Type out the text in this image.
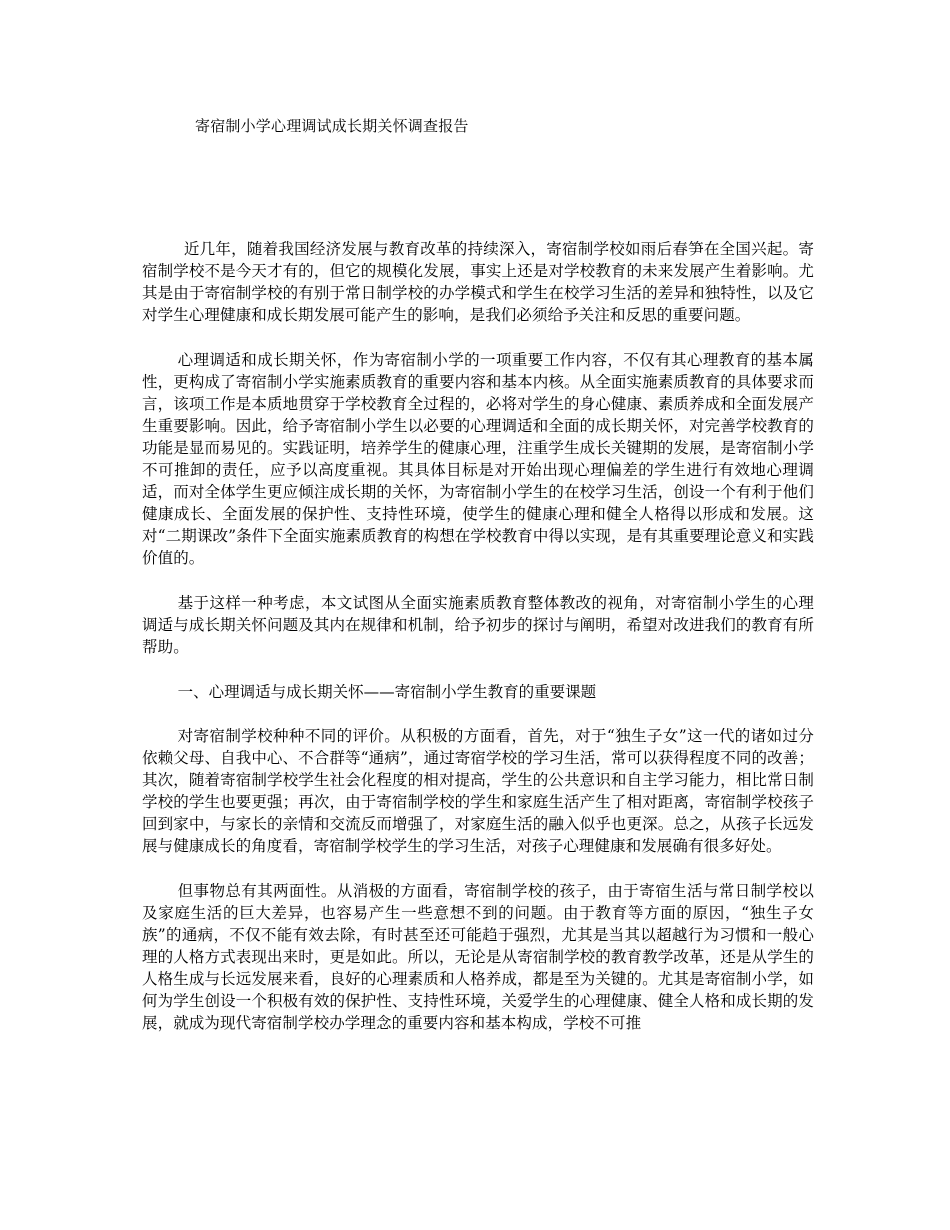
寄宿制小学心理调试成长期关怀调查报告

近几年，随着我国经济发展与教育改革的持续深入，寄宿制学校如雨后春笋在全国兴起。寄宿制学校不是今天才有的，但它的规模化发展，事实上还是对学校教育的未来发展产生着影响。尤其是由于寄宿制学校的有别于常日制学校的办学模式和学生在校学习生活的差异和独特性，以及它对学生心理健康和成长期发展可能产生的影响，是我们必须给予关注和反思的重要问题。

心理调适和成长期关怀，作为寄宿制小学的一项重要工作内容，不仅有其心理教育的基本属性，更构成了寄宿制小学实施素质教育的重要内容和基本内核。从全面实施素质教育的具体要求而言，该项工作是本质地贯穿于学校教育全过程的，必将对学生的身心健康、素质养成和全面发展产生重要影响。因此，给予寄宿制小学生以必要的心理调适和全面的成长期关怀，对完善学校教育的功能是显而易见的。实践证明，培养学生的健康心理，注重学生成长关键期的发展，是寄宿制小学不可推卸的责任，应予以高度重视。其具体目标是对开始出现心理偏差的学生进行有效地心理调适，而对全体学生更应倾注成长期的关怀，为寄宿制小学生的在校学习生活，创设一个有利于他们健康成长、全面发展的保护性、支持性环境，使学生的健康心理和健全人格得以形成和发展。这对“二期课改”条件下全面实施素质教育的构想在学校教育中得以实现，是有其重要理论意义和实践价值的。

基于这样一种考虑，本文试图从全面实施素质教育整体教改的视角，对寄宿制小学生的心理调适与成长期关怀问题及其内在规律和机制，给予初步的探讨与阐明，希望对改进我们的教育有所帮助。

一、心理调适与成长期关怀——寄宿制小学生教育的重要课题

对寄宿制学校种种不同的评价。从积极的方面看，首先，对于“独生子女”这一代的诸如过分依赖父母、自我中心、不合群等“通病”，通过寄宿学校的学习生活，常可以获得程度不同的改善；其次，随着寄宿制学校学生社会化程度的相对提高，学生的公共意识和自主学习能力，相比常日制学校的学生也要更强；再次，由于寄宿制学校的学生和家庭生活产生了相对距离，寄宿制学校孩子回到家中，与家长的亲情和交流反而增强了，对家庭生活的融入似乎也更深。总之，从孩子长远发展与健康成长的角度看，寄宿制学校学生的学习生活，对孩子心理健康和发展确有很多好处。

但事物总有其两面性。从消极的方面看，寄宿制学校的孩子，由于寄宿生活与常日制学校以及家庭生活的巨大差异，也容易产生一些意想不到的问题。由于教育等方面的原因，“独生子女族”的通病，不仅不能有效去除，有时甚至还可能趋于强烈，尤其是当其以超越行为习惯和一般心理的人格方式表现出来时，更是如此。所以，无论是从寄宿制学校的教育教学改革，还是从学生的人格生成与长远发展来看，良好的心理素质和人格养成，都是至为关键的。尤其是寄宿制小学，如何为学生创设一个积极有效的保护性、支持性环境，关爱学生的心理健康、健全人格和成长期的发展，就成为现代寄宿制学校办学理念的重要内容和基本构成，学校不可推
